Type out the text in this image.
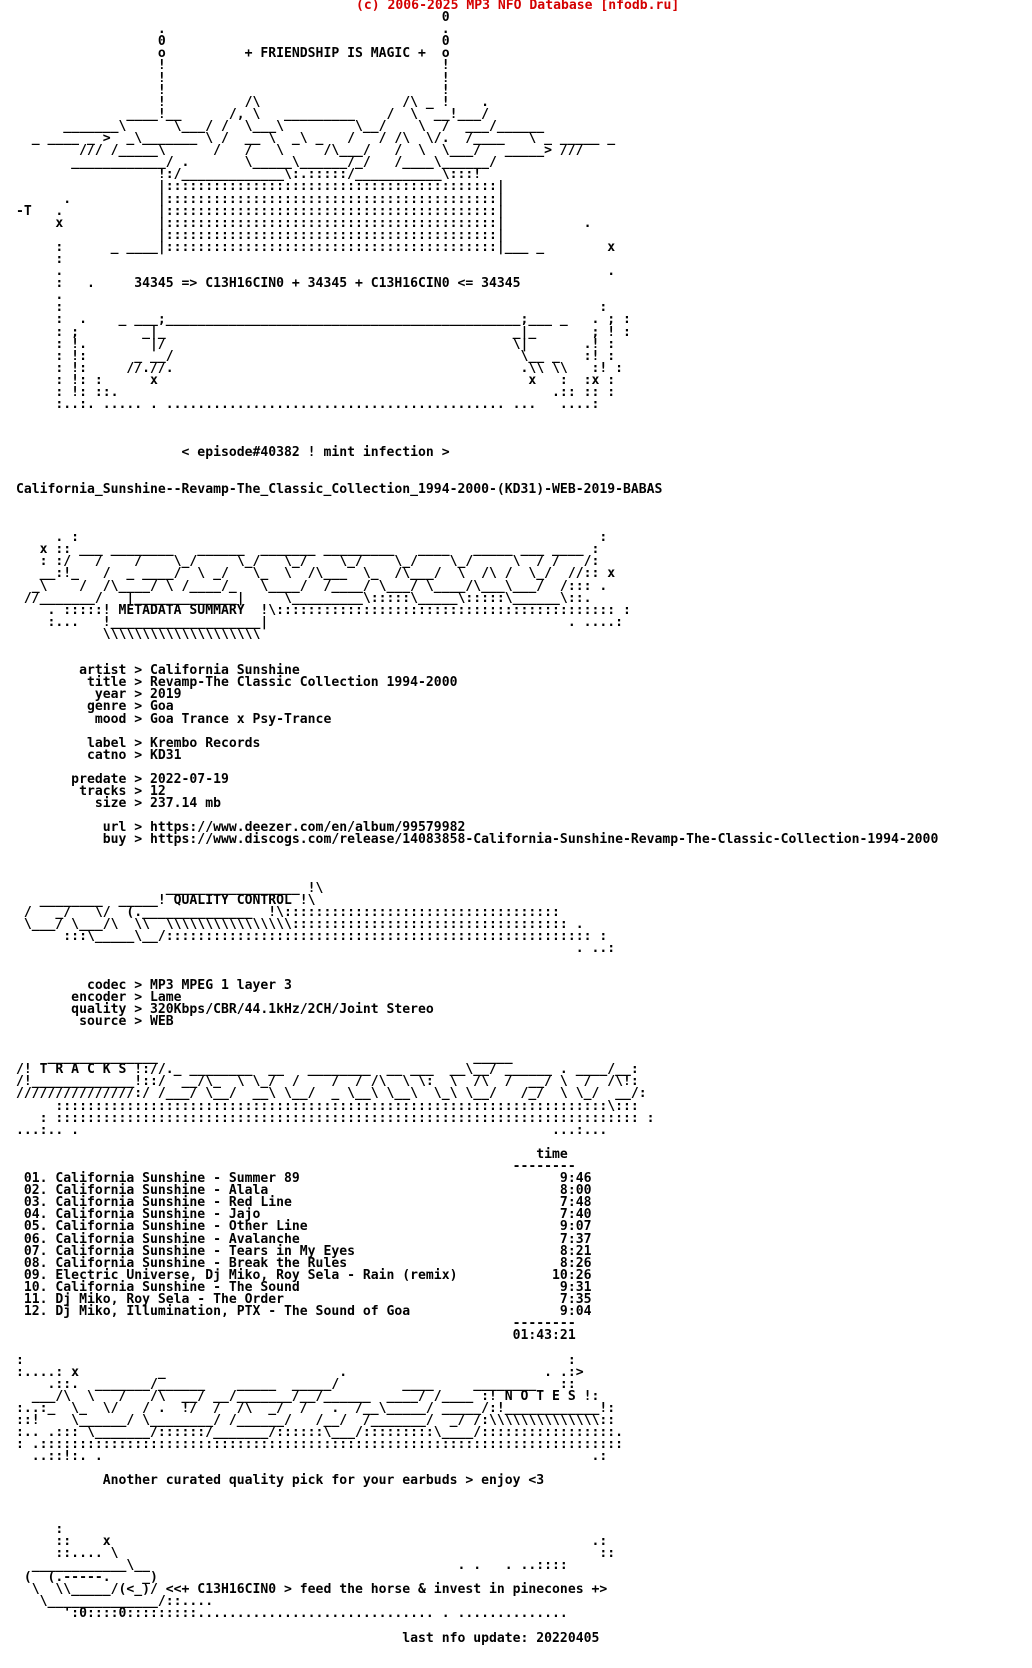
(c) 2006-2025 MP3 NFO Database [nfodb.ru]
0
.                                   .
0                                   0
o          + FRIENDSHIP IS MAGIC +  o
!                                   !
!                                   !
!                                   !
!          /\                  /\ _ !    .
____!__      /, \   _________    /  \  __!___/
_______\      \___/ /  \___\         \__/    \  /  ___/______
_ ____ _ >  _\_______ \ /  __ \  _\ _   /   / /\  \/.  /____   \ _ _____ _
/// /_____\      /   /   \     /\___/   /  \  \___/   _____> ///
____________/ .       \_____\______/_/   /____\______/
!:/_____________\:.:::::/___________\:::!
|::::::::::::::::::::::::::::::::::::::::::|
.           |::::::::::::::::::::::::::::::::::::::::::|
-T   .            |::::::::::::::::::::::::::::::::::::::::::|
x            |::::::::::::::::::::::::::::::::::::::::::|          .
|::::::::::::::::::::::::::::::::::::::::::|
:      _ ____|::::::::::::::::::::::::::::::::::::::::::|___ _        x
:
.                                                                     .
:   .     34345 => C13H16CIN0 + 34345 + C13H16CIN0 <= 34345
.
:                                                                    :
:  .    _ ___;_____________________________________________;___ _   . ; :
: ;        _|_                                            _|_       ; ! :
: !.        |/                                            \|       .! :
: !:      _ __/                                            \__ _   :! :
: !:     //.//.                                            .\\ \\   :! :
: !: :      x                                               x   :  :x :
: !: ::.                                                       .:: :: :
:..:. ..... . ........................................... ...   ....:

< episode#40382 ! mint infection >

California_Sunshine--Revamp-The_Classic_Collection_1994-2000-(KD31)-WEB-2019-BABAS

. :                                                                  :
x :: ___ ________   ______  _______ _________   ____   _____ ___ ____ :
: :/   /    /    \_/     \_/   \_/    \_/    \_/    \_/     \  / /   /:
__:!_   /  _ ____/  \ _/   \_  \  /\___  \_  /\___/  \  /\ /  \_/  //:: x
_\    /  /\____/ \ /____/_   \____/  /____/ \___/ \____/\___\___/  /::: .
//_______/   |_____________|     \_________\:::::\_____\:::::\______\::.
. :::::! METADATA SUMMARY  !\::::::::::::::::::::::::::::::::::::::::::: :
:...   !___________________|                                      . ....:
\\\\\\\\\\\\\\\\\\\\

artist > California Sunshine
title > Revamp-The Classic Collection 1994-2000
year > 2019
genre > Goa
mood > Goa Trance x Psy-Trance

label > Krembo Records
catno > KD31

predate > 2022-07-19
tracks > 12
size > 237.14 mb

url > https://www.deezer.com/en/album/99579982
buy > https://www.discogs.com/release/14083858-California-Sunshine-Revamp-The-Classic-Collection-1994-2000

_________________ !\
________  _____! QUALITY CONTROL !\
/   _/   \/  (.______________  !\:::::::::::::::::::::::::::::::::::
\___/ \___/\  \\  \\\\\\\\\\\\\\\\::::::::::::::::::::::::::::::::::: .
:::\_____\__/:::::::::::::::::::::::::::::::::::::::::::::::::::::: :
. ..:

codec > MP3 MPEG 1 layer 3
encoder > Lame
quality > 320Kbps/CBR/44.1kHz/2CH/Joint Stereo
source > WEB

______________                                        _____
/! T R A C K S !://._ ________  __   ________  __ ___  __\__/ ______ . ____/__:
/!_____________!::/  __/\_  \ \_/  /    /  / /\  \ \:  \  /\  /  __/ \  /  /\!:
///////////////:/ /___/ \__/  __\ \__/  _ \__\ \__\  \_\ \__/   /_/  \ \_/  __/:
::::::::::::::::::::::::::::::::::::::::::::::::::::::::::::::::::::::\:::
: :::::::::::::::::::::::::::::::::::::::::::::::::::::::::::::::::::::::::: :
...:.. .                                                            ...:...

time
--------
01. California Sunshine - Summer 89                                 9:46
02. California Sunshine - Alala                                     8:00
03. California Sunshine - Red Line                                  7:48
04. California Sunshine - Jajo                                      7:40
05. California Sunshine - Other Line                                9:07
06. California Sunshine - Avalanche                                 7:37
07. California Sunshine - Tears in My Eyes                          8:21
08. California Sunshine - Break the Rules                           8:26
09. Electric Universe, Dj Miko, Roy Sela - Rain (remix)            10:26
10. California Sunshine - The Sound                                 9:31
11. Dj Miko, Roy Sela - The Order                                   7:35
12. Dj Miko, Illumination, PTX - The Sound of Goa                   9:04
--------
01:43:21

:                                                                     :
:....: x          _                      .                         . .:>
.::.  _______/______    _____  _____/        ____     ________   ::
___/\  \   /   /\  __/ __/_______/__/______  ____/ /____ :! N O T E S !:
:..:_  \_  \/   / .  !/  /  /\  _/  /   .  /__\_____/ _____/:!____________!:
::!    \______/ \________/ /______/   /__/  /_______/  _/ /:\\\\\\\\\\\\\\::
:.. .::: \_______/::::::/_______/::::::\___/:::::::::\____/:::::::::::::::::.
: .::::::::::::::::::::::::::::::::::::::::::::::::::::::::::::::::::::::::::
..::!:. .                                                              .:

Another curated quality pick for your earbuds > enjoy <3

:
::    x                                                             .:
::.... \                                                             ::
____________\__                                       . .   . ..::::
(  (.-----.    _)
\  \\_____/(<_)/ <<+ C13H16CIN0 > feed the horse & invest in pinecones +>
\______________/::....
':0::::0:::::::::.............................. . ..............

last nfo update: 20220405
